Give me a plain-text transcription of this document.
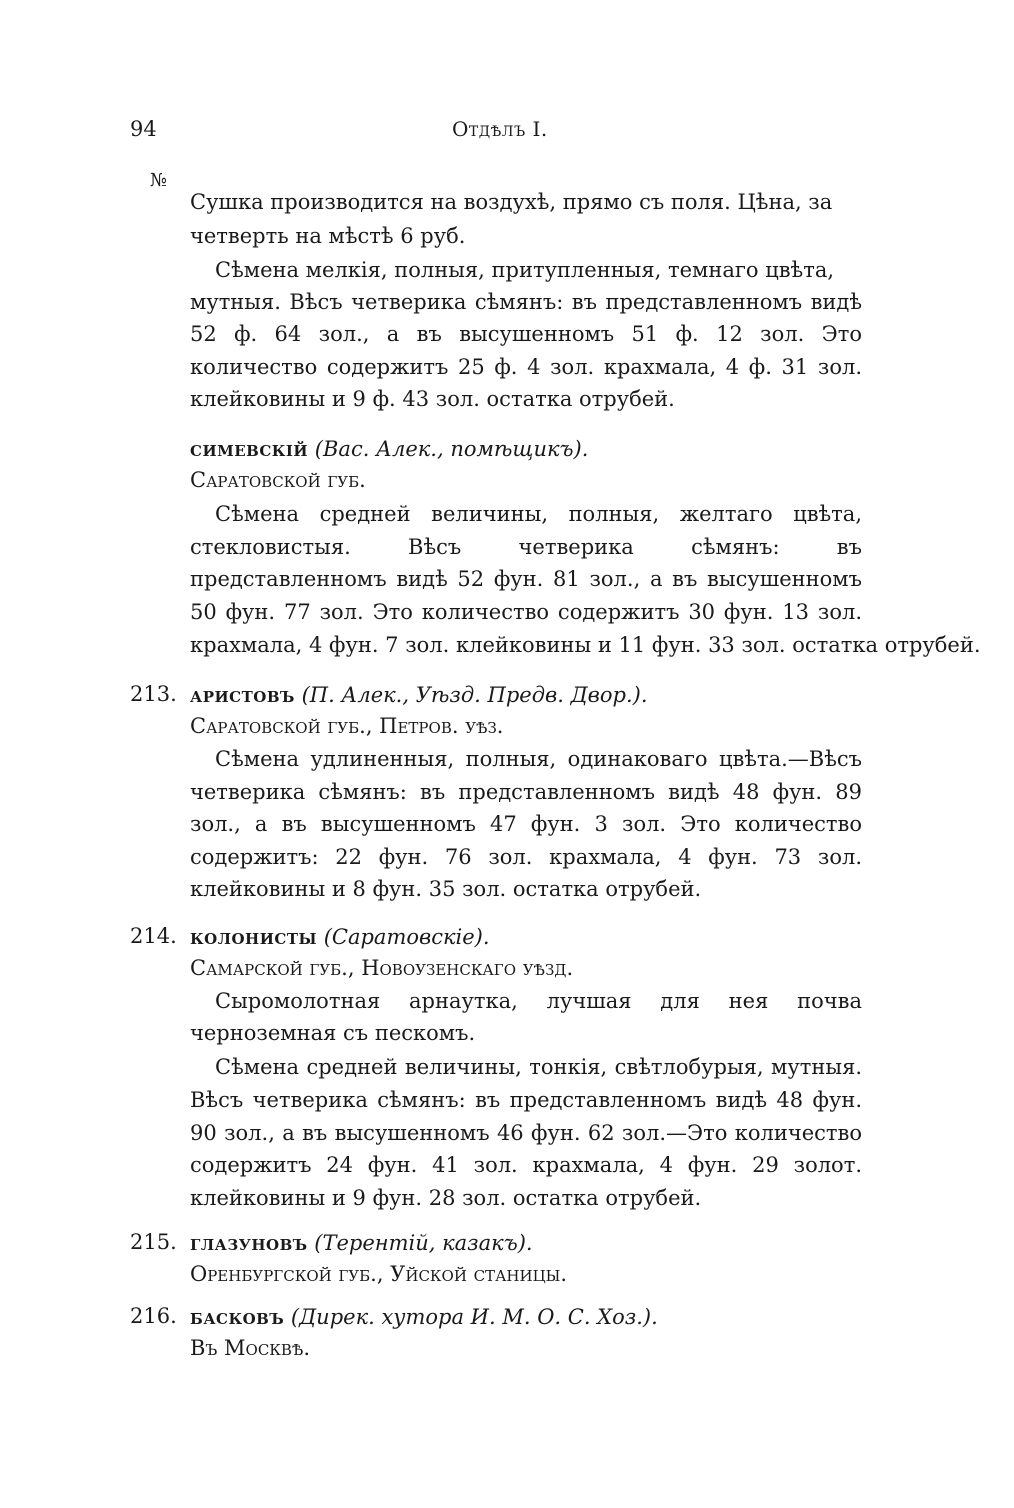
94	Отдѣлъ I.
№
Сушка производится на воздухѣ, прямо съ поля. Цѣна, за
четверть на мѣстѣ 6 руб.
Сѣмена мелкія, полныя, притупленныя, темнаго цвѣта,
мутныя. Вѣсъ четверика сѣмянъ: въ представленномъ видѣ
52 ф. 64 зол., а въ высушенномъ 51 ф. 12 зол. Это
количество содержитъ 25 ф. 4 зол. крахмала, 4 ф. 31 зол.
клейковины и 9 ф. 43 зол. остатка отрубей.
симевскій (Вас. Алек., помѣщикъ).
Саратовской губ.
Сѣмена средней величины, полныя, желтаго цвѣта,
стекловистыя. Вѣсъ четверика сѣмянъ: въ
представленномъ видѣ 52 фун. 81 зол., а въ высушенномъ
50 фун. 77 зол. Это количество содержитъ 30 фун. 13 зол.
крахмала, 4 фун. 7 зол. клейковины и 11 фун. 33 зол. остатка отрубей.
213. аристовъ (П. Алек., Уѣзд. Предв. Двор.).
Саратовской губ., Петров. уѣз.
Сѣмена удлиненныя, полныя, одинаковаго цвѣта.—Вѣсъ
четверика сѣмянъ: въ представленномъ видѣ 48 фун. 89
зол., а въ высушенномъ 47 фун. 3 зол. Это количество
содержитъ: 22 фун. 76 зол. крахмала, 4 фун. 73 зол.
клейковины и 8 фун. 35 зол. остатка отрубей.
214. колонисты (Саратовскіе).
Самарской губ., Новоузенскаго уѣзд.
Сыромолотная арнаутка, лучшая для нея почва
черноземная съ пескомъ.
Сѣмена средней величины, тонкія, свѣтлобурыя, мутныя.
Вѣсъ четверика сѣмянъ: въ представленномъ видѣ 48 фун.
90 зол., а въ высушенномъ 46 фун. 62 зол.—Это количество
содержитъ 24 фун. 41 зол. крахмала, 4 фун. 29 золот.
клейковины и 9 фун. 28 зол. остатка отрубей.
215. глазуновъ (Терентій, казакъ).
Оренбургской губ., Уйской станицы.
216. басковъ (Дирек. хутора И. М. О. С. Хоз.).
Въ Москвѣ.
